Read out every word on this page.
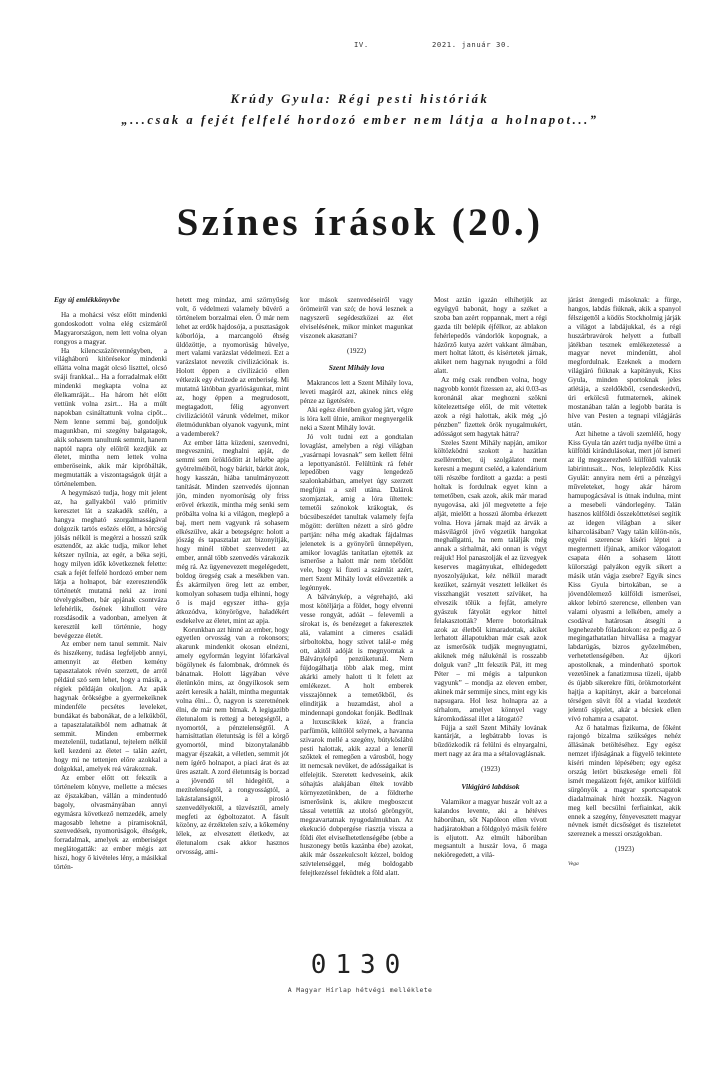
IV.	2021. január 30.
Krúdy Gyula: Régi pesti históriák
„...csak a fejét felfelé hordozó ember nem látja a holnapot...”
Színes írások (20.)
Egy új emlékkönyvbe

Ha a mohácsi vész előtt mindenki gondoskodott volna elég csizmáról Magyarországon, nem lett volna olyan rongyos a magyar.

Ha kilencszázötvennégyben, a világháború kitörésekor mindenki ellátta volna magát olcsó liszttel, olcsó sváji frankkal... Ha a forradalmak előtt mindenki megkapta volna az élelkamráját... Ha három hét előtt vettünk volna zsirt... Ha a múlt napokban csináltattunk volna cipőt... Nem lenne semmi baj, gondoljuk magunkban, mi szegény balgatagok, akik sohasem tanultunk semmit, hanem naptól napra oly előlről kezdjük az életet, mintha nem lettek volna emberöseink, akik már kipróbálták, megmutatták a viszontagságok útját a történelemben.

A hegymászó tudja, hogy mit jelent az, ha gallyakból való primitív keresztet lát a szakadék szélén, a hangya megható szorgalmasságával dolgozik tartós esőzés előtt, a hörcsög jólsás nélkül is megérzi a hosszú szűk esztendőt, az akác tudja, mikor lehet kétszer nyílnia, az egér, a béka sejti, hogy milyen idők következnek felette: csak a fejét felfelé hordozó ember nem látja a holnapot, bár ezeresztendők történetét mutatná neki az ironi tévelygésében, bár apjának csontváza lefehérlik, ősének kihullott vére rozsdásodik a vadonban, amelyen át keresztül kell történnie, hogy bevégezze életét.

Az ember nem tanul semmit. Naiv és hiszékeny, tudása legfeljebb annyi, amennyit az életben kemény tapasztalatok révén szerzett, de arról például szó sem lehet, hogy a másik, a régiek példáján okuljon. Az apák hagynak örökségbe a gyermekeiknek mindenféle pecsétes leveleket, bundákat és babonákat, de a lelkükből, a tapasztalataikból nem adhatnak át semmit. Minden emberrnek meztelenül, tudatlanul, tejtelem nélkül kell kezdeni az életet – talán azért, hogy mi ne tettenjen előre azokkal a dolgokkal, amelyek reá várakoznak.

Az ember előtt ott fekszik a történelem könyve, mellette a mécses az éjszakában, vállán a mindentudó bagoly, olvasmányában annyi egymásra következő nemzedék, amely magosabb lehetne a piramisoknál, szenvedések, nyomorúságok, éhségek, forradalmak, amelyek az emberiséget meglátogatták: az ember mégis azt hiszi, hogy ő kivételes lény, a másikkal történ-

hetett meg mindaz, ami szörnyűség volt, ő védelmezi valamely bűvérő a történelem borzalmai elen. Ő már nem lehet az erdők hajdosója, a pusztaságok kóborlója, a marcangoló éhség üldözöttje, a nyomorúság hüvelye, mert valami varázslat védelmezi. Ezt a varázslatot nevezik civilizációnak is. Holott éppen a civilizáció ellen vétkezik egy évtizede az emberiség. Mi mutatná látóbban gyarlóságunkat, mint az, hogy éppen a megrudosott, megtagadott, félig agyonvert civilizációtól várunk védelmet, mikor életmódunkban olyanok vagyunk, mint a vademberek?

Az ember látta küzdeni, szenvedni, megvesznini, meghalni apját, de semmi sem öröklődött át lelkébe apja gyötrelméiből, hogy bárkit, bárkit átok, hogy kasszán, hiába tanulmányozott tanítását. Minden szenvedés újonnan jön, minden nyomorúság oly friss erővel érkezik, mintha még senki sem próbálta volna ki a világon, meglepő a baj, mert nem vagyunk rá sohasem elkészülve, akár a betegségre: holott a jószág és tapasztalat azt bizonyítják, hogy minél többet szenvedett az ember, annál több szenvedés várakozik még rá. Az ügyenevezett megelégedett, boldog öregség csak a mesékben van. És akármilyen öreg lett az ember, komolyan sohasem tudja elhinni, hogy ő is majd egyszer ittha- gyja átkozódva, könyörögve, haladékért esdekelve az életet, mint az apja.

Korunkban azt hinné az ember, hogy egyetlen orvosság van a rokonsors; akarunk mindenkit okosan elnézni, amely egyformán legyint lófarkával bögölynek és falombnak, drómnek és bánatnak. Holott lágyában véve életünkön mins, az öngyilkosok sem azért keresik a halált, mintha meguntak volna élni... Ó, nagyon is szeretnének élni, de már nem bírnak. A legigazibb életunalom is rettegj a betegségtől, a nyomortól, a pénztelenségtől. A hamisíttatlan életuntság is fél a kórgő gyomortól, mind bizonytalanább magyar éjszakát, a véletlen, semmit jót nem ígérő holnapot, a piaci árat és az üres asztalt. A zord életuntság is borzad a jövendő tél hidegétől, a mezítelenségtől, a rongyosságtól, a lakástalanságtól, a pirosló szenvedélyektől, a tüzvésztől, amely megfeti az égboltozatot. A fásult közöny, az érzéktelen szív, a kőkemény lélek, az elvesztett életkedv, az életunalom csak akkor hasznos orvosság, ami-

kor mások szenvedéseiről vagy örömeiről van szó; de hová lesznek a nagyszerű segédeszközei az élet elviselésének, mikor minket magunkat viszonek akasztani?

(1922)
Szent Mihály lova

Makrancos lett a Szent Mihály lova, leveti magáról azt, akinek nincs elég pénze az ügetésére.

Aki egész életében gyalog járt, végre is lóra kell ülnie, amikor megnyergelik neki a Szent Mihály lovát.

Jó volt tudni ezt a gondtalan lovaglást, amelyben a régi világban „vasárnapi lovasnak” sem kellett félni a lepottyanástól. Felültünk rá fehér lepedőben vagy lengedező szalonkabátban, amelyet úgy szerzett megfújni a szél utána. Dalárok szomjaztak, amig a lóra ültettek: temetői szónokok krákogtak, és búcsúbeszédet tanultak valamely fejfa mögött: derülten nézett a síró gödre partján: néha még akadtak fájdalmas jelenetek is a gyönyörű ünnepélyen, amikor lovaglás tanítatlan ejtették az ismerőse a halott már nem törődött vele, hogy ki fizeti a számlát azért, mert Szent Mihály lovát elővezették a legénnyek.

A bálványkép, a végrehajtó, aki most kötéljárja a földet, hogy elvenni vesse rongyát, adóát – felevemli a sírokat is, és benézeget a fakeresztek alá, valamint a cimeres családi sírboltokba, hogy szívet talál-e még ott, akitől adóját is megnyomtak a Bálványképű penzüketunál. Nem fújdogálhatja több alak meg, mint akárki amely halott ti lt felett az emlékezet. A holt emberek visszajönnek a temetőkből, és elindítják a huzamdást, ahol a mindennapi gondokat fonják. Bedllnak a luxuscikkek közé, a francia parfümök, kültölöl selymek, a havanna szivarok mellé a szegény, bútyköslábú pesti halottak, akik azzal a lenerűl szőktek el remegően a városból, hogy itt nemcsak nevüket, de adósságaikat is elfelejtik. Szeretett kedveseink, akik sóhajtás alakjában éltek tovább környezetünkben, de a földterhe ismerősünk is, akikre megboszcut tással vetettük az utolsó göröngyöt, megzavartatnak nyugodalmukban. Az ekekució dobpergése riasztja vissza a földi élet elviselhetetlenségébe (ebbe a huszonegy betűs kazánba ébe) azokat, akik már összekulcsolt kézzel, boldog szívtelenséggel, még boldogabb felejtkezéssel feküdtek a föld alatt.

Most aztán igazán elhihetjük az együgyű babonát, hogy a széket a szoba ban azért roppannak, mert a régi gazda tilt belépik éjfélkor, az ablakon fehérlepedős vándorlók kopognak, a házőrző kutya azért vakkant álmában, mert holtat látott, és kísértetek járnak, akiket nem hagynak nyugodni a föld alatt.

Az még csak rendben volna, hogy nagyobb kontót fizessen az, aki 0.03-as koronánál akar meghozni szökni kötelezettsége elől, de mit vétettek azok a régi halottak, akik még „jó pénzben” fizettek örök nyugalmukért, adósságot sem hagytak hátra?

Szeles Szent Mihály napján, amikor költözködni szokott a hazátlan zsellérember, új szolgálatot ment keresni a megunt cseléd, a kalendárium téli részébe fordított a gazda: a pesti holtak is fordulnak egyet kínn a temetőben, csak azok, akik már marad nyugovása, aki jól megvetette a feje alját, mielőtt a hosszú álomba érkezett volna. Hova járnak majd az árvák a másvilágról jövő végzetük hangokat meghallgatni, ha nem találják még annak a sírhalmát, aki onnan is végyt reájuk! Hol panaszolják el az üzvegyek keserves magányukat, elhidegedett nyoszolyájukat, kéz nélkül maradt kezüket, szárnyát vesztett lelküket és visszhangját vesztett szívüket, ha elveszik tőlük a fejfát, amelyre gyászuk fátyolát egykor hittel felakasztották? Merre botorkálnak azok az életből kimaradottak, akiket lerhatott állapotukban már csak azok az ismerősök tudják megnyugtatni, akiknek még nálukénál is rosszabb dolguk van? „Itt fekszik Pál, itt meg Péter – mi mégis a talpunkon vagyunk” – mondja az eleven ember, akinek már semmije sincs, mint egy kis napsugara. Hol lesz holnapra az a sírhalom, amelyet könnyel vagy káromkodással illet a látogató?

Fújja a szél Szent Mihály lovának kantárját, a legbátrabb lovas is bűzdözkodik rá felülni és elnyargalni, mert nagy az ára ma a sétalovaglásnak.

(1923)
Világjáró labdások

Valamikor a magyar huszár volt az a kalandos levente, aki a hétéves háborúban, sőt Napóleon ellen vívott hadjáratokban a földgolyó másik felére is eljutott. Az elmúlt háborúban megsantult a huszár lova, ő maga nekiöregedett, a vilá-

járást átengedi másoknak: a fürge, hangos, labdás fiúknak, akik a spanyol félszigettől a ködös Stockholmig járják a világot a labdájukkal, és a régi huszárbravúrok helyett a futball játékban tesznek emlékezetessé a magyar nevet mindenütt, ahol megfordulnak. Ezeknek a modern világjáró fiúknak a kapitányuk, Kiss Gyula, minden sportoknak jeles atlétája, a szeldőkből, csendeskedvű, úri erkölcsű futmaternek, akinek mostanában talán a legjobb baráta is híve van Pesten a tegnapi világjárás után.

Azt hihetne a távoli szemlélő, hogy Kiss Gyula tán azért tudja nyélbe ütni a külföldi kirándulásokat, mert jól ismeri az ilg megszerezhető külföldi valuták labirintusait... Nos, lelepleződik Kiss Gyulát: annyira nem érti a pénzügyi műveleteket, hogy akár három hamupogácsával is útnak indulna, mint a mesebeli vándorlegény. Talán hasznos külföldi összeköttetései segítik az idegen világban a siker kiharcolásában? Vagy talán külön-nös, egyéni szerencse kíséri léptei a megtermett ifjúnak, amikor válogatott csapata élén a sohasem látott külországi palyákon egyik sikert a másik után vágja zsebre? Egyik sincs Kiss Gyula birtokában, se a jóvendölemező külföldi ismerősei, akkor lebírtó szerencse, ellenben van valami olyasmi a lelkében, amely a csodával határosan átsegíti a legnehezebb föladatokon: ez pedig az ő megingathatatlan hitvallása a magyar labdarúgás, bizros győzelmében, verhetetlenségében. Az újkori apostolknak, a mindenható sportok vezetőinek a fanatizmusa tüzeli, újabb és újabb sikerekre fűti, örökmotorként hajtja a kapitányt, akár a barcelonai térségen süvít föl a viadal kezdetét jelentő sípjelet, akár a bécsiek ellen vívó rohamra a csapatot.

Az ő hatalmas fizikuma, de főként rajongó bizalma szükséges nehéz állásának betöltéséhez. Egy egész nemzet ifjúságának a fügyelő tekintete kíséri minden lépésében; egy egész ország letört büszkesége emeli föl ismét megalázott fejét, amikor külföldi sürgönyök a magyar sportcsapatok diadalmainak hírét hozzák. Nagyon meg kell becsülni ferfiainkat, akik ennek a szegény, fényevesztett magyar névnek ismét dicsőséget és tiszteletet szereznek a messzi országokban.

(1923)
Vega
0130
A Magyar Hírlap hétvégi melléklete
